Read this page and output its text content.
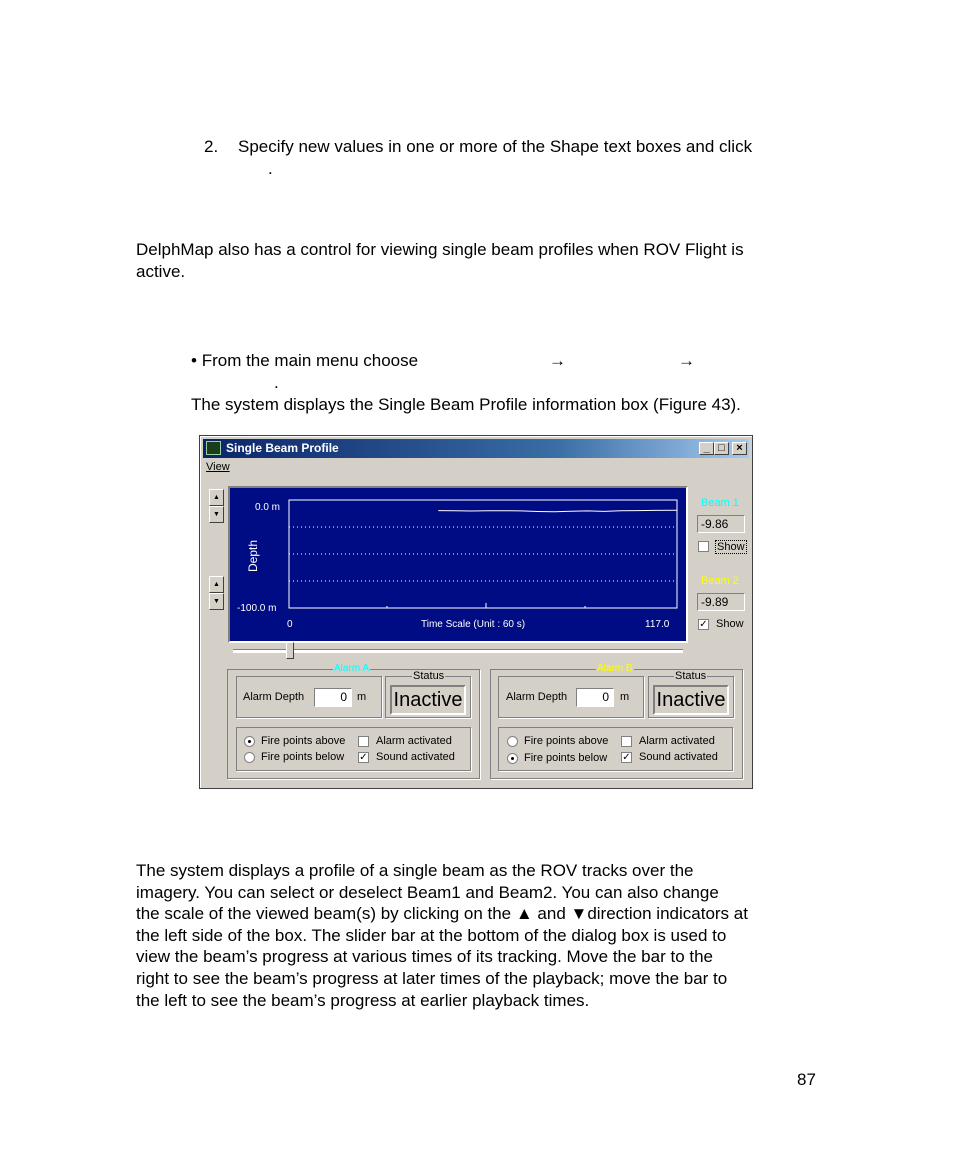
2. Specify new values in one or more of the Shape text boxes and click
.
DelphMap also has a control for viewing single beam profiles when ROV Flight is
active.
• From the main menu choose	→	→
.
The system displays the Single Beam Profile information box (Figure 43).
Single Beam Profile	_ □	×
View
▲
▼
▲
▼
0.0 m
-100.0 m
Depth
0	Time Scale (Unit : 60 s)	117.0
Beam 1
-9.86
Show
Beam 2
-9.89
✓ Show
Alarm A
Alarm Depth	0 m
Status
Inactive
Fire points above
Fire points below
Alarm activated
✓ Sound activated
Alarm B
Alarm Depth	0	m
Status
Inactive
Fire points above
Fire points below
Alarm activated
✓ Sound activated
The system displays a profile of a single beam as the ROV tracks over the
imagery. You can select or deselect Beam1 and Beam2. You can also change
the scale of the viewed beam(s) by clicking on the ▲ and ▼direction indicators at
the left side of the box. The slider bar at the bottom of the dialog box is used to
view the beam’s progress at various times of its tracking. Move the bar to the
right to see the beam’s progress at later times of the playback; move the bar to
the left to see the beam’s progress at earlier playback times.
87
